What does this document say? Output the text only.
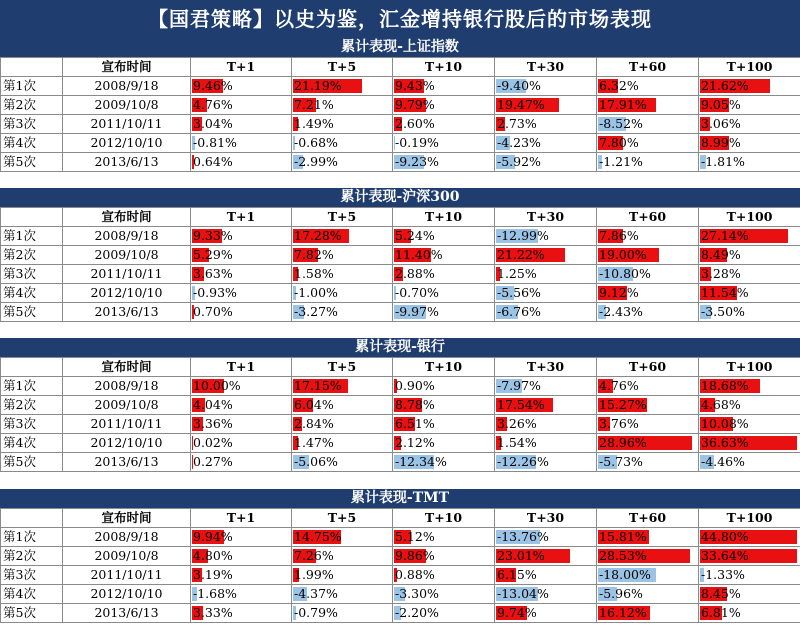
【国君策略】以史为鉴，汇金增持银行股后的市场表现
累计表现-上证指数
	宣布时间	T+1	T+5	T+10	T+30	T+60	T+100
第1次	2008/9/18	9.46%	21.19%	9.43%	-9.40%	6.32%	21.62%
第2次	2009/10/8	4.76%	7.21%	9.79%	19.47%	17.91%	9.05%
第3次	2011/10/11	3.04%	1.49%	2.60%	2.73%	-8.52%	3.06%
第4次	2012/10/10	-0.81%	-0.68%	-0.19%	-4.23%	7.80%	8.99%
第5次	2013/6/13	0.64%	-2.99%	-9.23%	-5.92%	-1.21%	-1.81%
累计表现-沪深300
	宣布时间	T+1	T+5	T+10	T+30	T+60	T+100
第1次	2008/9/18	9.33%	17.28%	5.24%	-12.99%	7.86%	27.14%
第2次	2009/10/8	5.29%	7.82%	11.40%	21.22%	19.00%	8.49%
第3次	2011/10/11	3.63%	1.58%	2.88%	1.25%	-10.80%	3.28%
第4次	2012/10/10	-0.93%	-1.00%	-0.70%	-5.56%	9.12%	11.54%
第5次	2013/6/13	0.70%	-3.27%	-9.97%	-6.76%	-2.43%	-3.50%
累计表现-银行
	宣布时间	T+1	T+5	T+10	T+30	T+60	T+100
第1次	2008/9/18	10.00%	17.15%	0.90%	-7.97%	4.76%	18.68%
第2次	2009/10/8	4.04%	6.04%	8.78%	17.54%	15.27%	4.68%
第3次	2011/10/11	3.36%	2.84%	6.51%	3.26%	3.76%	10.08%
第4次	2012/10/10	0.02%	1.47%	2.12%	1.54%	28.96%	36.63%
第5次	2013/6/13	0.27%	-5.06%	-12.34%	-12.26%	-5.73%	-4.46%
累计表现-TMT
	宣布时间	T+1	T+5	T+10	T+30	T+60	T+100
第1次	2008/9/18	9.94%	14.75%	5.12%	-13.76%	15.81%	44.80%
第2次	2009/10/8	4.80%	7.26%	9.86%	23.01%	28.53%	33.64%
第3次	2011/10/11	3.19%	1.99%	0.88%	6.15%	-18.00%	-1.33%
第4次	2012/10/10	-1.68%	-4.37%	-3.30%	-13.04%	-5.96%	8.45%
第5次	2013/6/13	3.33%	-0.79%	-2.20%	9.74%	16.12%	6.81%
